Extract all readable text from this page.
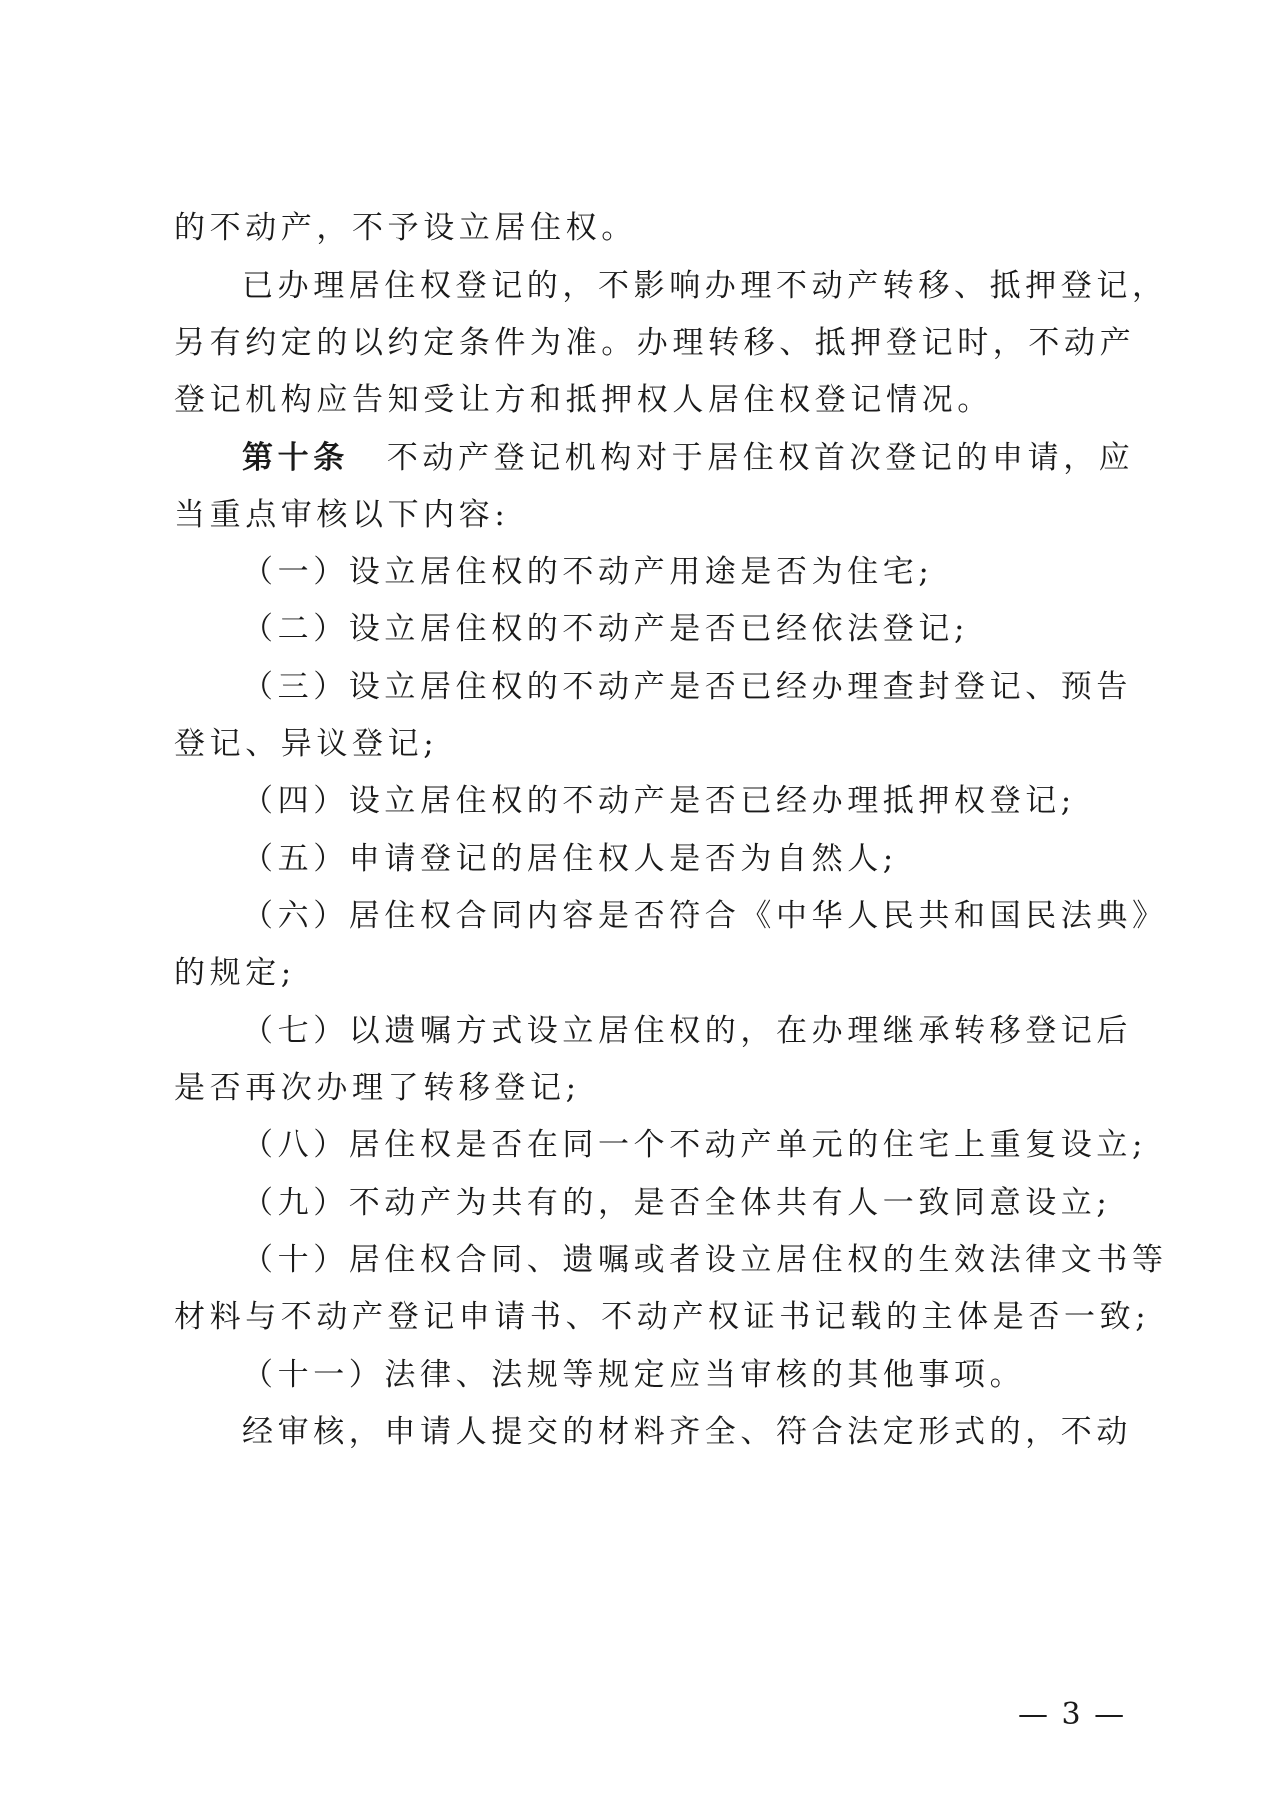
的不动产，不予设立居住权。
已办理居住权登记的，不影响办理不动产转移、抵押登记，
另有约定的以约定条件为准。办理转移、抵押登记时，不动产
登记机构应告知受让方和抵押权人居住权登记情况。
第十条 不动产登记机构对于居住权首次登记的申请，应
当重点审核以下内容:
（一）设立居住权的不动产用途是否为住宅;
（二）设立居住权的不动产是否已经依法登记;
（三）设立居住权的不动产是否已经办理查封登记、预告
登记、异议登记;
（四）设立居住权的不动产是否已经办理抵押权登记;
（五）申请登记的居住权人是否为自然人;
（六）居住权合同内容是否符合《中华人民共和国民法典》
的规定;
（七）以遗嘱方式设立居住权的，在办理继承转移登记后
是否再次办理了转移登记;
（八）居住权是否在同一个不动产单元的住宅上重复设立;
（九）不动产为共有的，是否全体共有人一致同意设立;
（十）居住权合同、遗嘱或者设立居住权的生效法律文书等
材料与不动产登记申请书、不动产权证书记载的主体是否一致;
（十一）法律、法规等规定应当审核的其他事项。
经审核，申请人提交的材料齐全、符合法定形式的，不动
— 3 —
